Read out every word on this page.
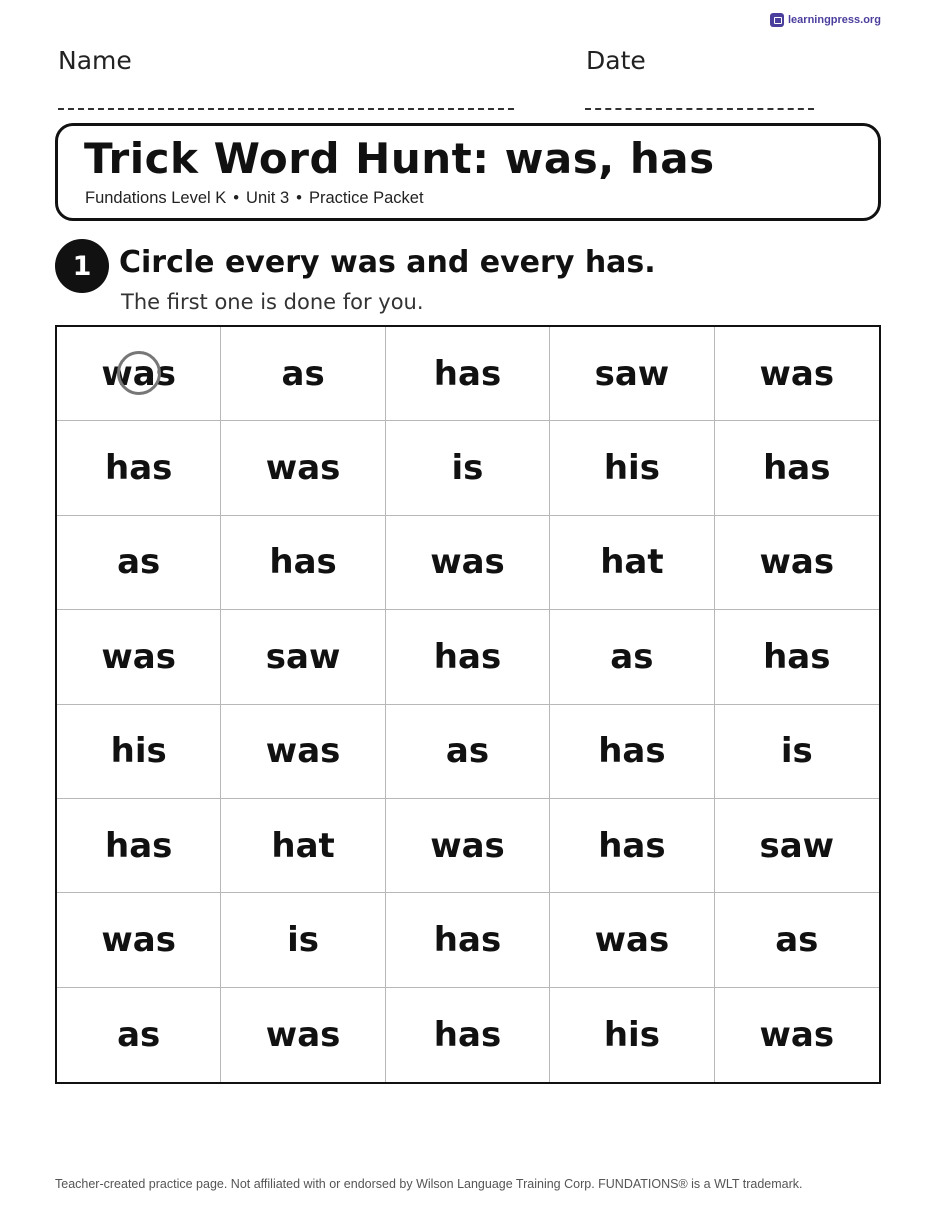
learningpress.org
Name	Date
Trick Word Hunt: was, has
Fundations Level K • Unit 3 • Practice Packet
1 Circle every was and every has.
The first one is done for you.
was	as	has	saw	was
has	was	is	his	has
as	has	was	hat	was
was	saw	has	as	has
his	was	as	has	is
has	hat	was	has	saw
was	is	has	was	as
as	was	has	his	was
Teacher-created practice page. Not affiliated with or endorsed by Wilson Language Training Corp. FUNDATIONS® is a WLT trademark.
